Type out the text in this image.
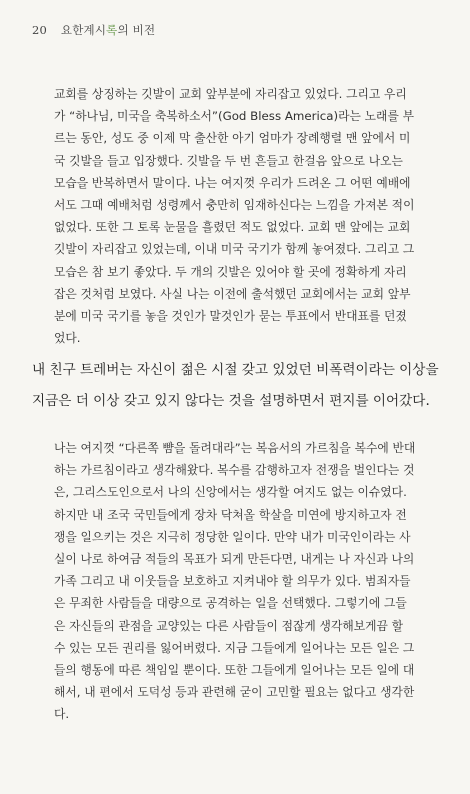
20 요한계시록의 비전

교회를 상징하는 깃발이 교회 앞부분에 자리잡고 있었다. 그리고 우리가 “하나님, 미국을 축복하소서”(God Bless America)라는 노래를 부르는 동안, 성도 중 이제 막 출산한 아기 엄마가 장례행렬 맨 앞에서 미국 깃발을 들고 입장했다. 깃발을 두 번 흔들고 한걸음 앞으로 나오는 모습을 반복하면서 말이다. 나는 여지껏 우리가 드려온 그 어떤 예배에서도 그때 예배처럼 성령께서 충만히 임재하신다는 느낌을 가져본 적이 없었다. 또한 그 토록 눈물을 흘렸던 적도 없었다. 교회 맨 앞에는 교회 깃발이 자리잡고 있었는데, 이내 미국 국기가 함께 놓여졌다. 그리고 그 모습은 참 보기 좋았다. 두 개의 깃발은 있어야 할 곳에 정확하게 자리잡은 것처럼 보였다. 사실 나는 이전에 출석했던 교회에서는 교회 앞부분에 미국 국기를 놓을 것인가 말것인가 묻는 투표에서 반대표를 던졌었다.

내 친구 트레버는 자신이 젊은 시절 갖고 있었던 비폭력이라는 이상을 지금은 더 이상 갖고 있지 않다는 것을 설명하면서 편지를 이어갔다.

나는 여지껏 “다른쪽 뺨을 돌려대라”는 복음서의 가르침을 복수에 반대하는 가르침이라고 생각해왔다. 복수를 감행하고자 전쟁을 벌인다는 것은, 그리스도인으로서 나의 신앙에서는 생각할 여지도 없는 이슈였다. 하지만 내 조국 국민들에게 장차 닥쳐올 학살을 미연에 방지하고자 전쟁을 일으키는 것은 지극히 정당한 일이다. 만약 내가 미국인이라는 사실이 나로 하여금 적들의 목표가 되게 만든다면, 내게는 나 자신과 나의 가족 그리고 내 이웃들을 보호하고 지켜내야 할 의무가 있다. 범죄자들은 무죄한 사람들을 대량으로 공격하는 일을 선택했다. 그렇기에 그들은 자신들의 관점을 교양있는 다른 사람들이 점잖게 생각해보게끔 할 수 있는 모든 권리를 잃어버렸다. 지금 그들에게 일어나는 모든 일은 그들의 행동에 따른 책임일 뿐이다. 또한 그들에게 일어나는 모든 일에 대해서, 내 편에서 도덕성 등과 관련해 굳이 고민할 필요는 없다고 생각한다.
